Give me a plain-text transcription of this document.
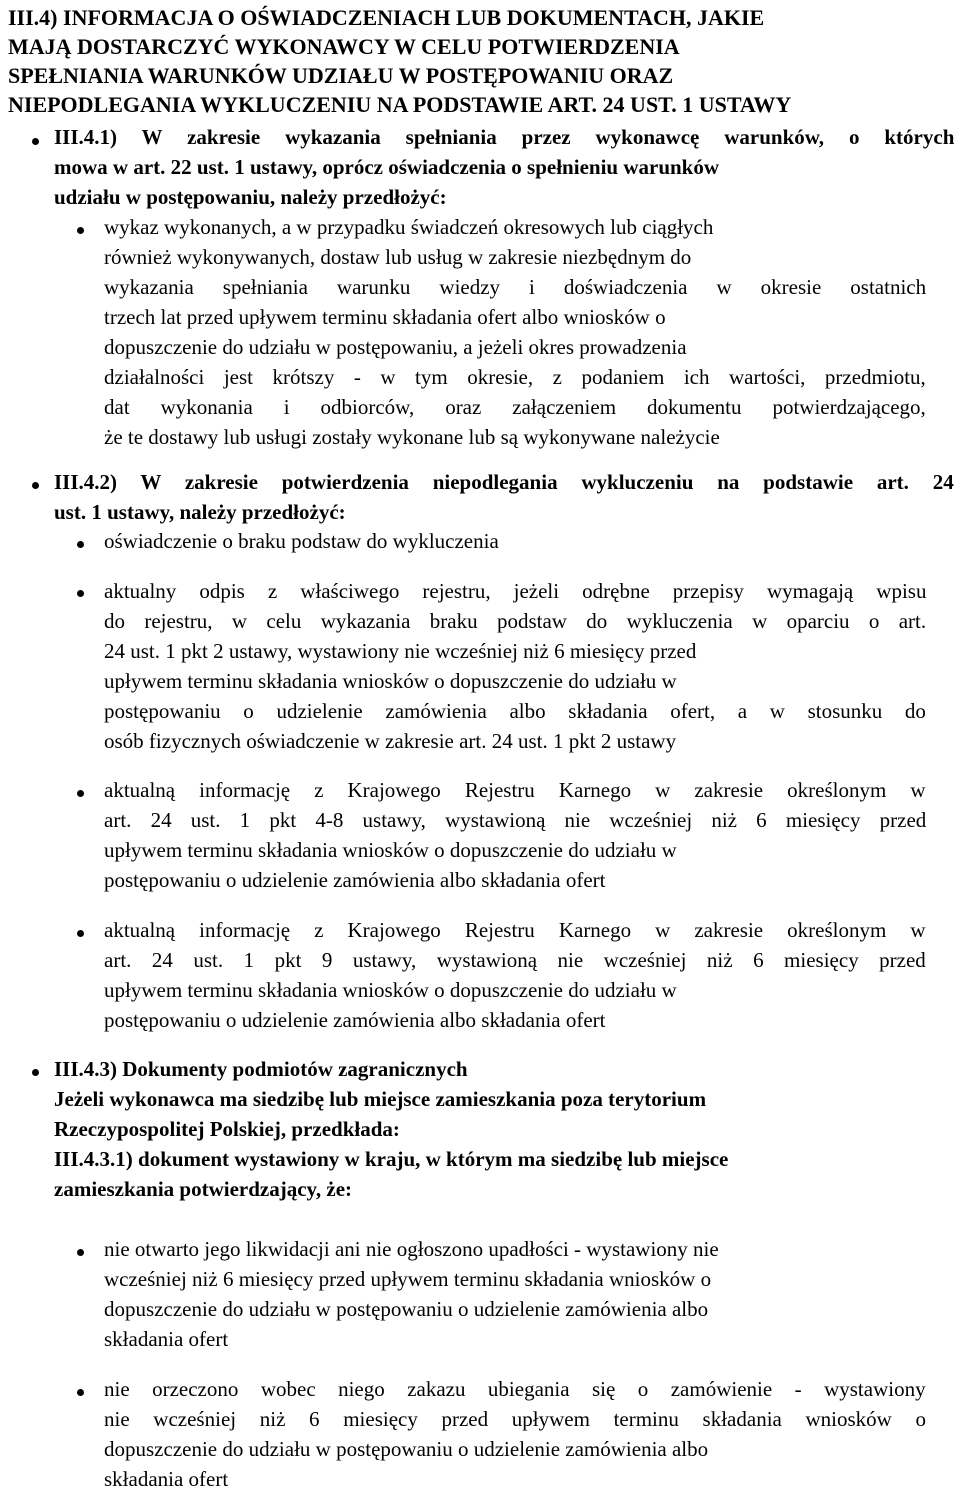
III.4) INFORMACJA O OŚWIADCZENIACH LUB DOKUMENTACH, JAKIE
MAJĄ DOSTARCZYĆ WYKONAWCY W CELU POTWIERDZENIA
SPEŁNIANIA WARUNKÓW UDZIAŁU W POSTĘPOWANIU ORAZ
NIEPODLEGANIA WYKLUCZENIU NA PODSTAWIE ART. 24 UST. 1 USTAWY
III.4.1) W zakresie wykazania spełniania przez wykonawcę warunków, o których
mowa w art. 22 ust. 1 ustawy, oprócz oświadczenia o spełnieniu warunków
udziału w postępowaniu, należy przedłożyć:
wykaz wykonanych, a w przypadku świadczeń okresowych lub ciągłych
również wykonywanych, dostaw lub usług w zakresie niezbędnym do
wykazania spełniania warunku wiedzy i doświadczenia w okresie ostatnich
trzech lat przed upływem terminu składania ofert albo wniosków o
dopuszczenie do udziału w postępowaniu, a jeżeli okres prowadzenia
działalności jest krótszy - w tym okresie, z podaniem ich wartości, przedmiotu,
dat wykonania i odbiorców, oraz załączeniem dokumentu potwierdzającego,
że te dostawy lub usługi zostały wykonane lub są wykonywane należycie
III.4.2) W zakresie potwierdzenia niepodlegania wykluczeniu na podstawie art. 24
ust. 1 ustawy, należy przedłożyć:
oświadczenie o braku podstaw do wykluczenia
aktualny odpis z właściwego rejestru, jeżeli odrębne przepisy wymagają wpisu
do rejestru, w celu wykazania braku podstaw do wykluczenia w oparciu o art.
24 ust. 1 pkt 2 ustawy, wystawiony nie wcześniej niż 6 miesięcy przed
upływem terminu składania wniosków o dopuszczenie do udziału w
postępowaniu o udzielenie zamówienia albo składania ofert, a w stosunku do
osób fizycznych oświadczenie w zakresie art. 24 ust. 1 pkt 2 ustawy
aktualną informację z Krajowego Rejestru Karnego w zakresie określonym w
art. 24 ust. 1 pkt 4-8 ustawy, wystawioną nie wcześniej niż 6 miesięcy przed
upływem terminu składania wniosków o dopuszczenie do udziału w
postępowaniu o udzielenie zamówienia albo składania ofert
aktualną informację z Krajowego Rejestru Karnego w zakresie określonym w
art. 24 ust. 1 pkt 9 ustawy, wystawioną nie wcześniej niż 6 miesięcy przed
upływem terminu składania wniosków o dopuszczenie do udziału w
postępowaniu o udzielenie zamówienia albo składania ofert
III.4.3) Dokumenty podmiotów zagranicznych
Jeżeli wykonawca ma siedzibę lub miejsce zamieszkania poza terytorium
Rzeczypospolitej Polskiej, przedkłada:
III.4.3.1) dokument wystawiony w kraju, w którym ma siedzibę lub miejsce
zamieszkania potwierdzający, że:
nie otwarto jego likwidacji ani nie ogłoszono upadłości - wystawiony nie
wcześniej niż 6 miesięcy przed upływem terminu składania wniosków o
dopuszczenie do udziału w postępowaniu o udzielenie zamówienia albo
składania ofert
nie orzeczono wobec niego zakazu ubiegania się o zamówienie - wystawiony
nie wcześniej niż 6 miesięcy przed upływem terminu składania wniosków o
dopuszczenie do udziału w postępowaniu o udzielenie zamówienia albo
składania ofert
